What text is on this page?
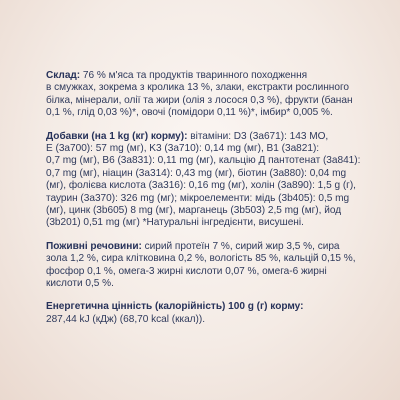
Склад: 76 % м'яса та продуктів тваринного походження
в смужках, зокрема з кролика 13 %, злаки, екстракти рослинного
білка, мінерали, олії та жири (олія з лосося 0,3 %), фрукти (банан
0,1 %, глід 0,03 %)*, овочі (помідори 0,11 %)*, імбир* 0,005 %.
Добавки (на 1 kg (кг) корму): вітаміни: D3 (3а671): 143 МО,
E (3а700): 57 mg (мг), K3 (3а710): 0,14 mg (мг), B1 (3а821):
0,7 mg (мг), B6 (3а831): 0,11 mg (мг), кальцію Д пантотенат (3а841):
0,7 mg (мг), ніацин (3а314): 0,43 mg (мг), біотин (3а880): 0,04 mg
(мг), фолієва кислота (3а316): 0,16 mg (мг), холін (3а890): 1,5 g (г),
таурин (3а370): 326 mg (мг); мікроелементи: мідь (3b405): 0,5 mg
(мг), цинк (3b605) 8 mg (мг), марганець (3b503) 2,5 mg (мг), йод
(3b201) 0,51 mg (мг) *Натуральні інгредієнти, висушені.
Поживні речовини: сирий протеїн 7 %, сирий жир 3,5 %, сира
зола 1,2 %, сира клітковина 0,2 %, вологість 85 %, кальцій 0,15 %,
фосфор 0,1 %, омега-3 жирні кислоти 0,07 %, омега-6 жирні
кислоти 0,5 %.
Енергетична цінність (калорійність) 100 g (г) корму:
287,44 kJ (кДж) (68,70 kcal (ккал)).
